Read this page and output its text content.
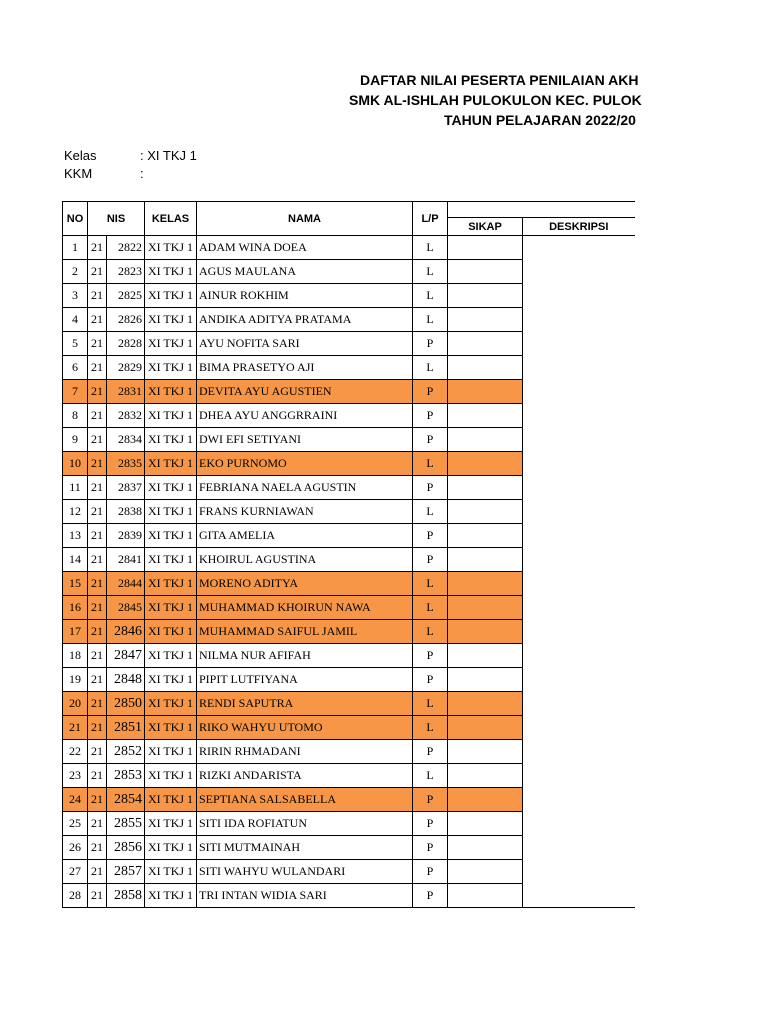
DAFTAR NILAI PESERTA PENILAIAN AKH
SMK AL-ISHLAH PULOKULON KEC. PULOK
TAHUN PELAJARAN 2022/20
Kelas	: XI TKJ 1
KKM	:
NO	NIS		KELAS	NAMA	L/P		
						SIKAP	DESKRIPSI
1	21	2822	XI TKJ 1	ADAM WINA DOEA	L		
2	21	2823	XI TKJ 1	AGUS MAULANA	L		
3	21	2825	XI TKJ 1	AINUR ROKHIM	L		
4	21	2826	XI TKJ 1	ANDIKA ADITYA PRATAMA	L		
5	21	2828	XI TKJ 1	AYU NOFITA SARI	P		
6	21	2829	XI TKJ 1	BIMA PRASETYO AJI	L		
7	21	2831	XI TKJ 1	DEVITA AYU AGUSTIEN	P		
8	21	2832	XI TKJ 1	DHEA AYU ANGGRRAINI	P		
9	21	2834	XI TKJ 1	DWI EFI SETIYANI	P		
10	21	2835	XI TKJ 1	EKO PURNOMO	L		
11	21	2837	XI TKJ 1	FEBRIANA NAELA AGUSTIN	P		
12	21	2838	XI TKJ 1	FRANS KURNIAWAN	L		
13	21	2839	XI TKJ 1	GITA AMELIA	P		
14	21	2841	XI TKJ 1	KHOIRUL AGUSTINA	P		
15	21	2844	XI TKJ 1	MORENO ADITYA	L		
16	21	2845	XI TKJ 1	MUHAMMAD KHOIRUN NAWA	L		
17	21	2846	XI TKJ 1	MUHAMMAD SAIFUL JAMIL	L		
18	21	2847	XI TKJ 1	NILMA NUR AFIFAH	P		
19	21	2848	XI TKJ 1	PIPIT LUTFIYANA	P		
20	21	2850	XI TKJ 1	RENDI SAPUTRA	L		
21	21	2851	XI TKJ 1	RIKO WAHYU UTOMO	L		
22	21	2852	XI TKJ 1	RIRIN RHMADANI	P		
23	21	2853	XI TKJ 1	RIZKI ANDARISTA	L		
24	21	2854	XI TKJ 1	SEPTIANA SALSABELLA	P		
25	21	2855	XI TKJ 1	SITI IDA ROFIATUN	P		
26	21	2856	XI TKJ 1	SITI MUTMAINAH	P		
27	21	2857	XI TKJ 1	SITI WAHYU WULANDARI	P		
28	21	2858	XI TKJ 1	TRI INTAN WIDIA SARI	P		
